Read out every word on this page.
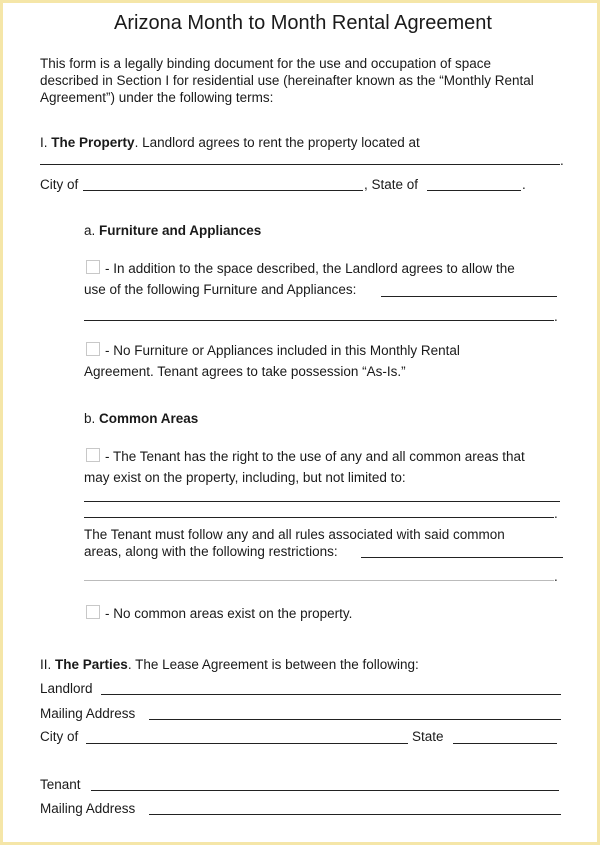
Arizona Month to Month Rental Agreement
This form is a legally binding document for the use and occupation of space described in Section I for residential use (hereinafter known as the “Monthly Rental Agreement”) under the following terms:
I. The Property. Landlord agrees to rent the property located at
.
City of	, State of	.
a. Furniture and Appliances
- In addition to the space described, the Landlord agrees to allow the
use of the following Furniture and Appliances:
.
- No Furniture or Appliances included in this Monthly Rental
Agreement. Tenant agrees to take possession “As-Is.”
b. Common Areas
- The Tenant has the right to the use of any and all common areas that
may exist on the property, including, but not limited to:
.
The Tenant must follow any and all rules associated with said common
areas, along with the following restrictions:
.
- No common areas exist on the property.
II. The Parties. The Lease Agreement is between the following:
Landlord
Mailing Address
City of	State
Tenant
Mailing Address
